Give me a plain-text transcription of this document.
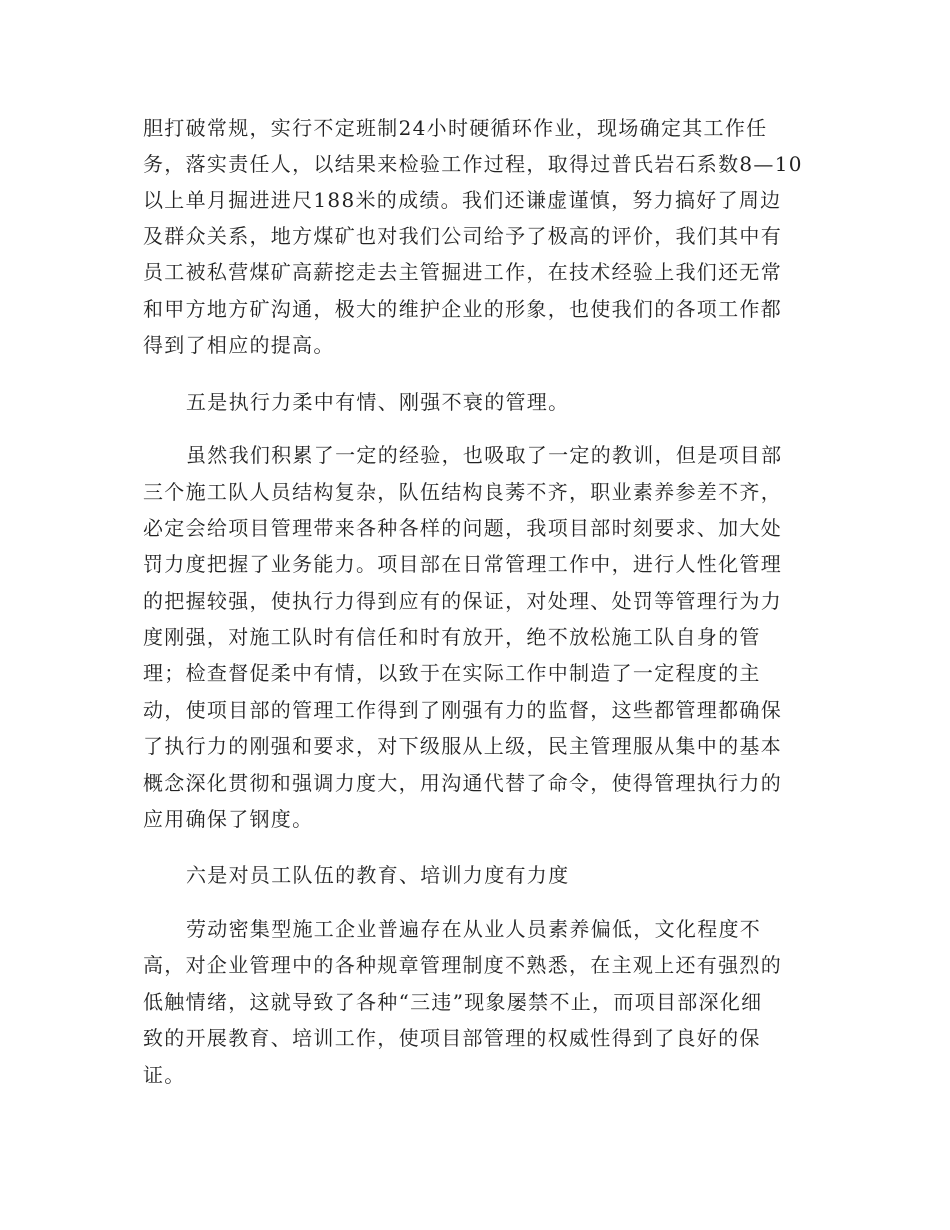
胆打破常规，实行不定班制24小时硬循环作业，现场确定其工作任

务，落实责任人，以结果来检验工作过程，取得过普氏岩石系数8—10

以上单月掘进进尺188米的成绩。我们还谦虚谨慎，努力搞好了周边

及群众关系，地方煤矿也对我们公司给予了极高的评价，我们其中有

员工被私营煤矿高薪挖走去主管掘进工作，在技术经验上我们还无常

和甲方地方矿沟通，极大的维护企业的形象，也使我们的各项工作都

得到了相应的提高。

五是执行力柔中有情、刚强不衰的管理。

虽然我们积累了一定的经验，也吸取了一定的教训，但是项目部

三个施工队人员结构复杂，队伍结构良莠不齐，职业素养参差不齐，

必定会给项目管理带来各种各样的问题，我项目部时刻要求、加大处

罚力度把握了业务能力。项目部在日常管理工作中，进行人性化管理

的把握较强，使执行力得到应有的保证，对处理、处罚等管理行为力

度刚强，对施工队时有信任和时有放开，绝不放松施工队自身的管

理；检查督促柔中有情，以致于在实际工作中制造了一定程度的主

动，使项目部的管理工作得到了刚强有力的监督，这些都管理都确保

了执行力的刚强和要求，对下级服从上级，民主管理服从集中的基本

概念深化贯彻和强调力度大，用沟通代替了命令，使得管理执行力的

应用确保了钢度。

六是对员工队伍的教育、培训力度有力度

劳动密集型施工企业普遍存在从业人员素养偏低，文化程度不

高，对企业管理中的各种规章管理制度不熟悉，在主观上还有强烈的

低触情绪，这就导致了各种“三违”现象屡禁不止，而项目部深化细

致的开展教育、培训工作，使项目部管理的权威性得到了良好的保

证。
